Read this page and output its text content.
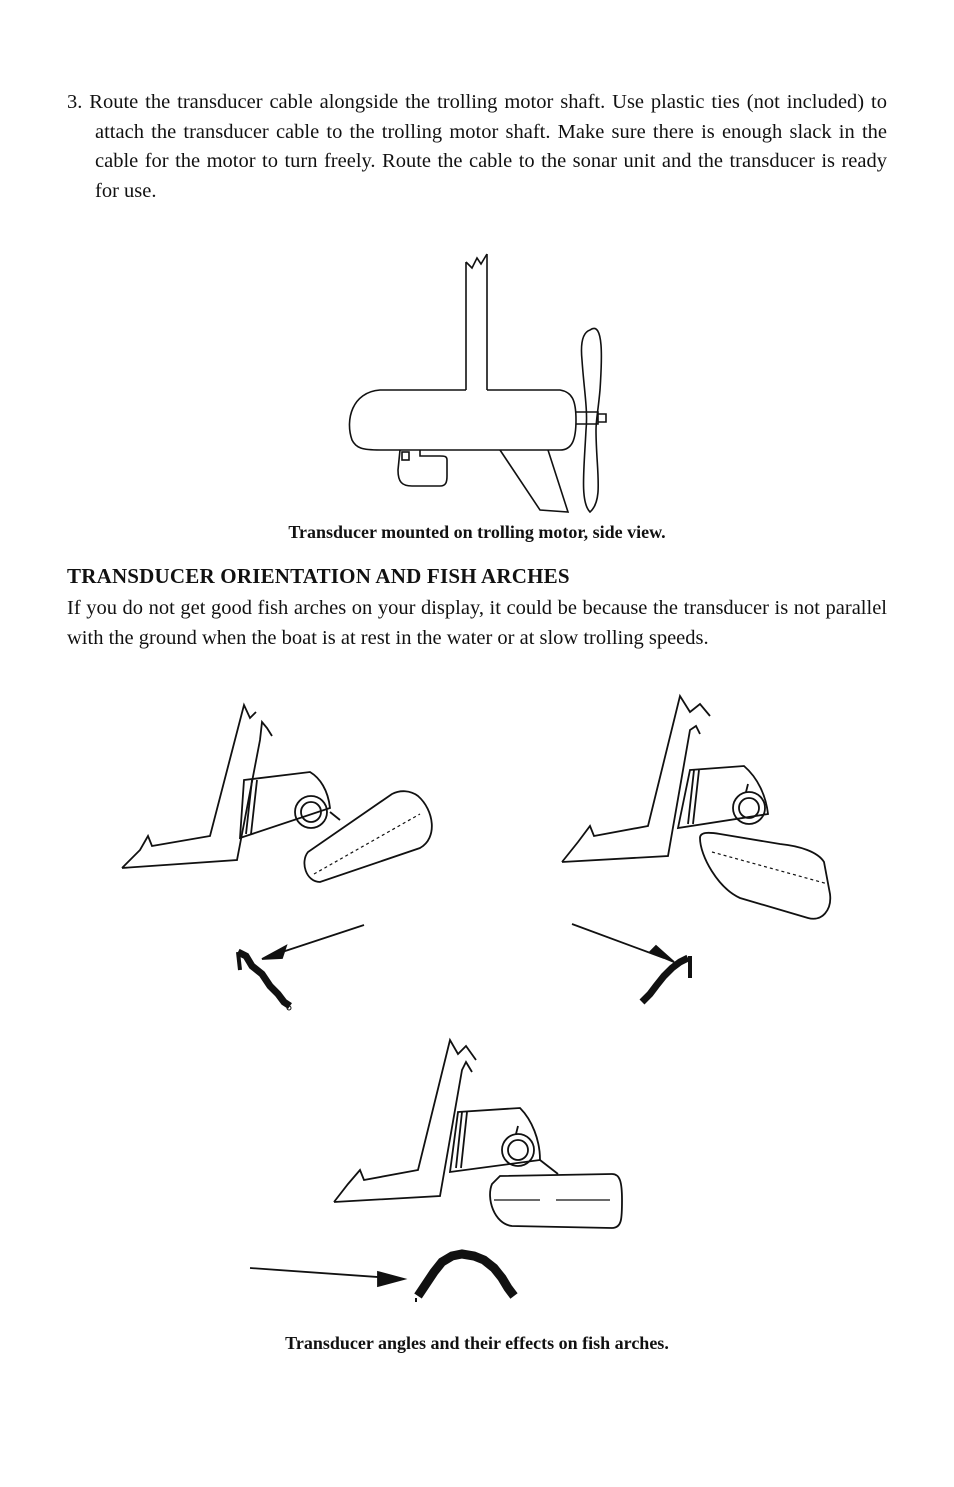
3. Route the transducer cable alongside the trolling motor shaft. Use plastic ties (not included) to attach the transducer cable to the trolling motor shaft. Make sure there is enough slack in the cable for the motor to turn freely. Route the cable to the sonar unit and the transducer is ready for use.
Transducer mounted on trolling motor, side view.
TRANSDUCER ORIENTATION AND FISH ARCHES
If you do not get good fish arches on your display, it could be because the transducer is not parallel with the ground when the boat is at rest in the water or at slow trolling speeds.
Transducer angles and their effects on fish arches.
